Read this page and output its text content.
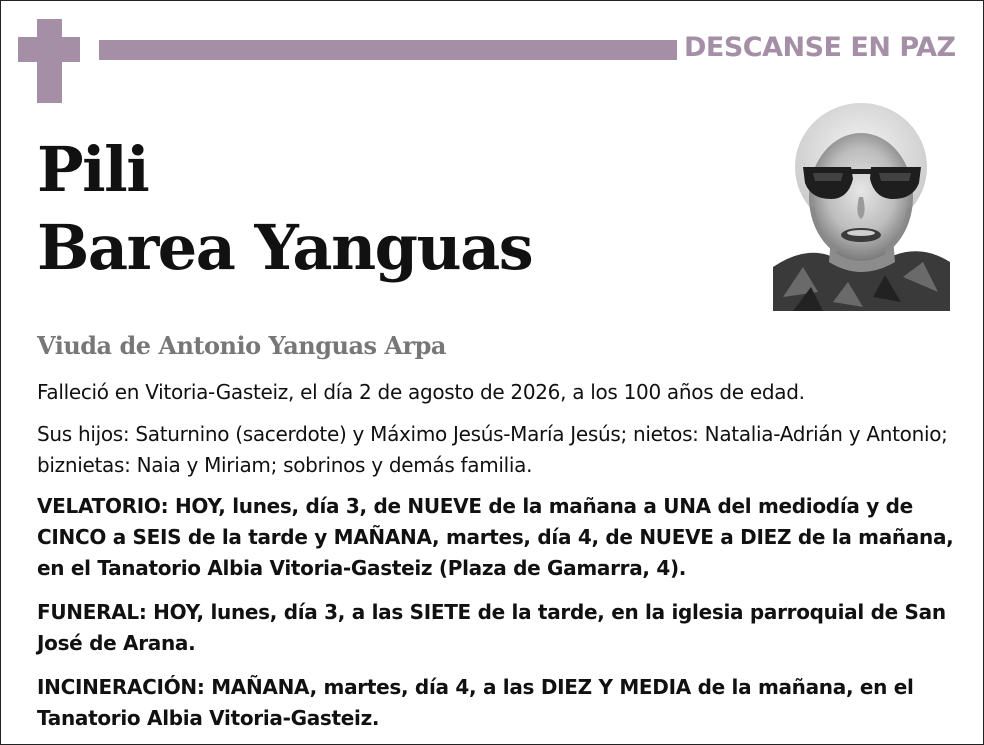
DESCANSE EN PAZ
Pili
Barea Yanguas
Viuda de Antonio Yanguas Arpa
Falleció en Vitoria-Gasteiz, el día 2 de agosto de 2026, a los 100 años de edad.
Sus hijos: Saturnino (sacerdote) y Máximo Jesús-María Jesús; nietos: Natalia-Adrián y Antonio; biznietas: Naia y Miriam; sobrinos y demás familia.
VELATORIO: HOY, lunes, día 3, de NUEVE de la mañana a UNA del mediodía y de CINCO a SEIS de la tarde y MAÑANA, martes, día 4, de NUEVE a DIEZ de la mañana, en el Tanatorio Albia Vitoria-Gasteiz (Plaza de Gamarra, 4).
FUNERAL: HOY, lunes, día 3, a las SIETE de la tarde, en la iglesia parroquial de San José de Arana.
INCINERACIÓN: MAÑANA, martes, día 4, a las DIEZ Y MEDIA de la mañana, en el Tanatorio Albia Vitoria-Gasteiz.
